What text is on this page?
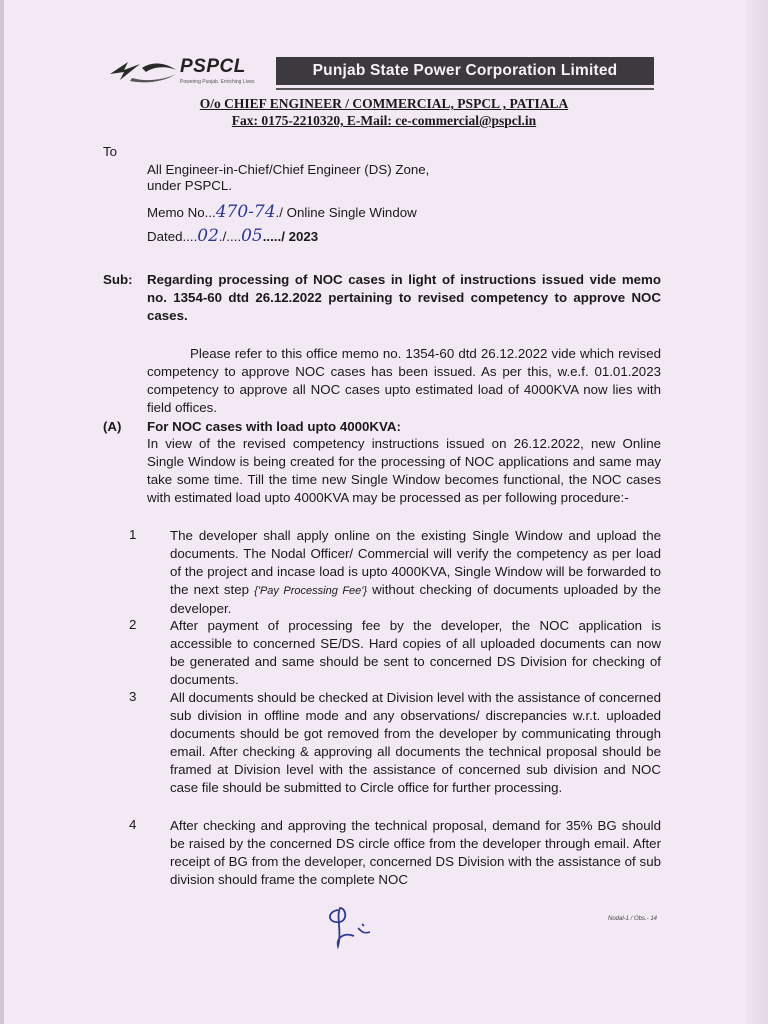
PSPCL
Powering Punjab. Enriching Lives
Punjab State Power Corporation Limited
O/o CHIEF ENGINEER / COMMERCIAL, PSPCL , PATIALA
Fax: 0175-2210320, E-Mail: ce-commercial@pspcl.in
To
All Engineer-in-Chief/Chief Engineer (DS) Zone,
under PSPCL.
Memo No...470-74./ Online Single Window
Dated....02./....05...../ 2023
Sub: Regarding processing of NOC cases in light of instructions issued vide memo no. 1354-60 dtd 26.12.2022 pertaining to revised competency to approve NOC cases.
Please refer to this office memo no. 1354-60 dtd 26.12.2022 vide which revised competency to approve NOC cases has been issued. As per this, w.e.f. 01.01.2023 competency to approve all NOC cases upto estimated load of 4000KVA now lies with field offices.
(A) For NOC cases with load upto 4000KVA:
In view of the revised competency instructions issued on 26.12.2022, new Online Single Window is being created for the processing of NOC applications and same may take some time. Till the time new Single Window becomes functional, the NOC cases with estimated load upto 4000KVA may be processed as per following procedure:-
1	The developer shall apply online on the existing Single Window and upload the documents. The Nodal Officer/ Commercial will verify the competency as per load of the project and incase load is upto 4000KVA, Single Window will be forwarded to the next step {'Pay Processing Fee'} without checking of documents uploaded by the developer.
2	After payment of processing fee by the developer, the NOC application is accessible to concerned SE/DS. Hard copies of all uploaded documents can now be generated and same should be sent to concerned DS Division for checking of documents.
3	All documents should be checked at Division level with the assistance of concerned sub division in offline mode and any observations/ discrepancies w.r.t. uploaded documents should be got removed from the developer by communicating through email. After checking & approving all documents the technical proposal should be framed at Division level with the assistance of concerned sub division and NOC case file should be submitted to Circle office for further processing.
4	After checking and approving the technical proposal, demand for 35% BG should be raised by the concerned DS circle office from the developer through email. After receipt of BG from the developer, concerned DS Division with the assistance of sub division should frame the complete NOC
Nodal-1 / Obs.- 14
